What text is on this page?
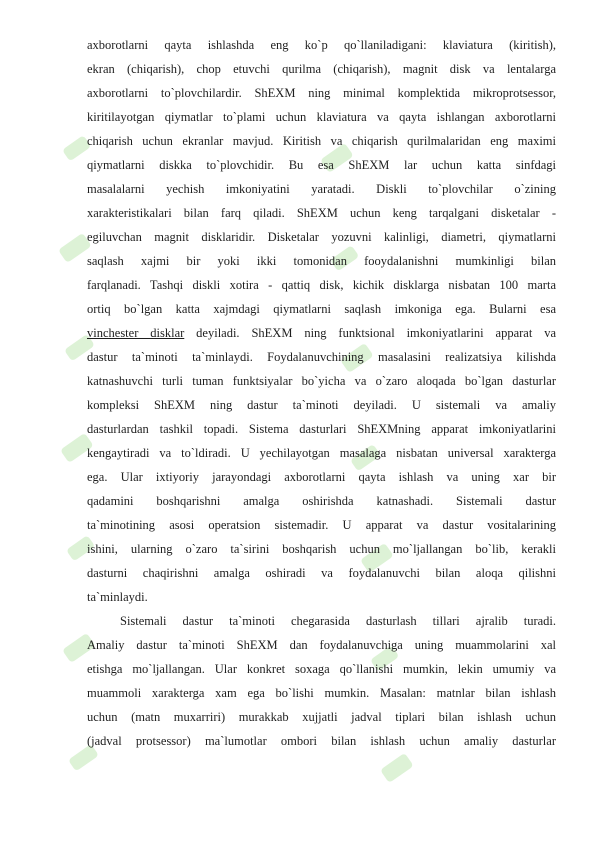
axborotlarni qayta ishlashda eng ko`p qo`llaniladigani: klaviatura (kiritish),
ekran (chiqarish), chop etuvchi qurilma (chiqarish), magnit disk va lentalarga
axborotlarni to`plovchilardir. ShEXM ning minimal komplektida mikroprotsessor,
kiritilayotgan qiymatlar to`plami uchun klaviatura va qayta ishlangan axborotlarni
chiqarish uchun ekranlar mavjud. Kiritish va chiqarish qurilmalaridan eng maximi
qiymatlarni diskka to`plovchidir. Bu esa ShEXM lar uchun katta sinfdagi
masalalarni yechish imkoniyatini yaratadi. Diskli to`plovchilar o`zining
xarakteristikalari bilan farq qiladi. ShEXM uchun keng tarqalgani disketalar -
egiluvchan magnit disklaridir. Disketalar yozuvni kalinligi, diametri, qiymatlarni
saqlash xajmi bir yoki ikki tomonidan fooydalanishni mumkinligi bilan
farqlanadi. Tashqi diskli xotira - qattiq disk, kichik disklarga nisbatan 100 marta
ortiq bo`lgan katta xajmdagi qiymatlarni saqlash imkoniga ega. Bularni esa
vinchester disklar deyiladi. ShEXM ning funktsional imkoniyatlarini apparat va
dastur ta`minoti ta`minlaydi. Foydalanuvchining masalasini realizatsiya kilishda
katnashuvchi turli tuman funktsiyalar bo`yicha va o`zaro aloqada bo`lgan dasturlar
kompleksi ShEXM ning dastur ta`minoti deyiladi. U sistemali va amaliy
dasturlardan tashkil topadi. Sistema dasturlari ShEXMning apparat imkoniyatlarini
kengaytiradi va to`ldiradi. U yechilayotgan masalaga nisbatan universal xarakterga
ega. Ular ixtiyoriy jarayondagi axborotlarni qayta ishlash va uning xar bir
qadamini boshqarishni amalga oshirishda katnashadi. Sistemali dastur
ta`minotining asosi operatsion sistemadir. U apparat va dastur vositalarining
ishini, ularning o`zaro ta`sirini boshqarish uchun mo`ljallangan bo`lib, kerakli
dasturni chaqirishni amalga oshiradi va foydalanuvchi bilan aloqa qilishni
ta`minlaydi.
Sistemali dastur ta`minoti chegarasida dasturlash tillari ajralib turadi.
Amaliy dastur ta`minoti ShEXM dan foydalanuvchiga uning muammolarini xal
etishga mo`ljallangan. Ular konkret soxaga qo`llanishi mumkin, lekin umumiy va
muammoli xarakterga xam ega bo`lishi mumkin. Masalan: matnlar bilan ishlash
uchun (matn muxarriri) murakkab xujjatli jadval tiplari bilan ishlash uchun
(jadval protsessor) ma`lumotlar ombori bilan ishlash uchun amaliy dasturlar
